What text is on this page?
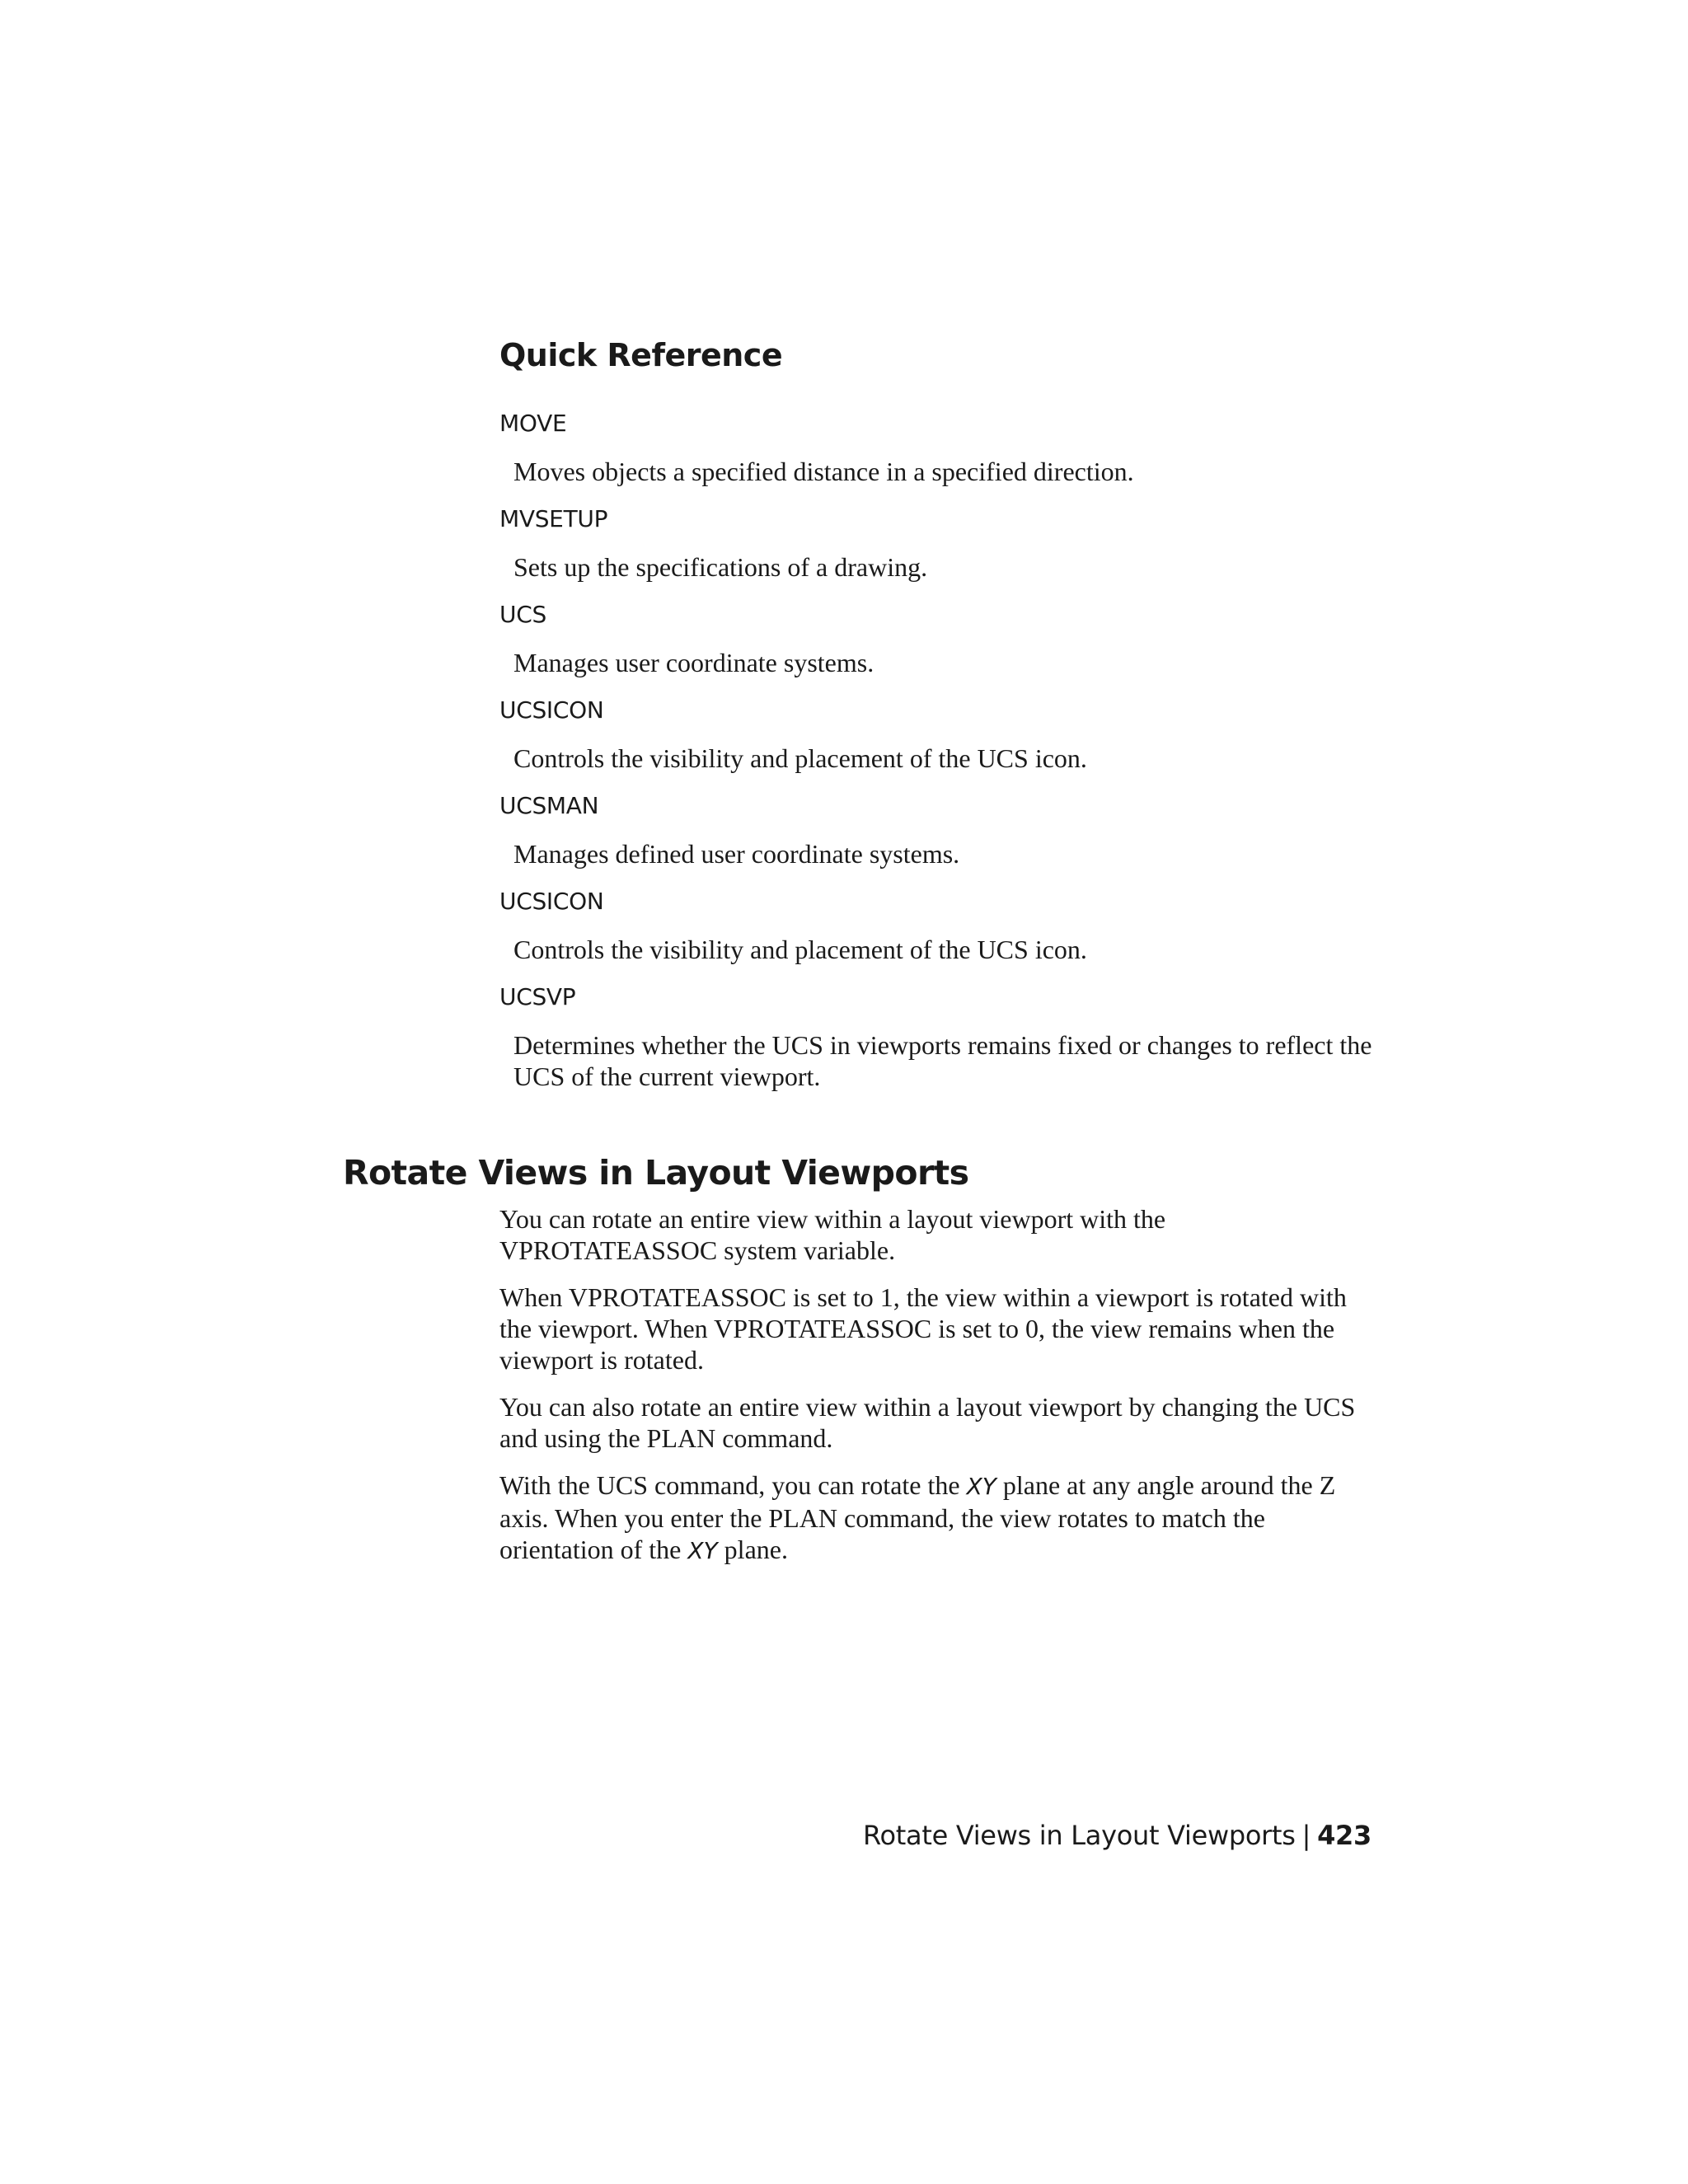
Quick Reference
MOVE
Moves objects a specified distance in a specified direction.
MVSETUP
Sets up the specifications of a drawing.
UCS
Manages user coordinate systems.
UCSICON
Controls the visibility and placement of the UCS icon.
UCSMAN
Manages defined user coordinate systems.
UCSICON
Controls the visibility and placement of the UCS icon.
UCSVP
Determines whether the UCS in viewports remains fixed or changes to reflect the UCS of the current viewport.
Rotate Views in Layout Viewports

You can rotate an entire view within a layout viewport with the VPROTATEASSOC system variable.

When VPROTATEASSOC is set to 1, the view within a viewport is rotated with the viewport. When VPROTATEASSOC is set to 0, the view remains when the viewport is rotated.

You can also rotate an entire view within a layout viewport by changing the UCS and using the PLAN command.

With the UCS command, you can rotate the XY plane at any angle around the Z axis. When you enter the PLAN command, the view rotates to match the orientation of the XY plane.

Rotate Views in Layout Viewports | 423
